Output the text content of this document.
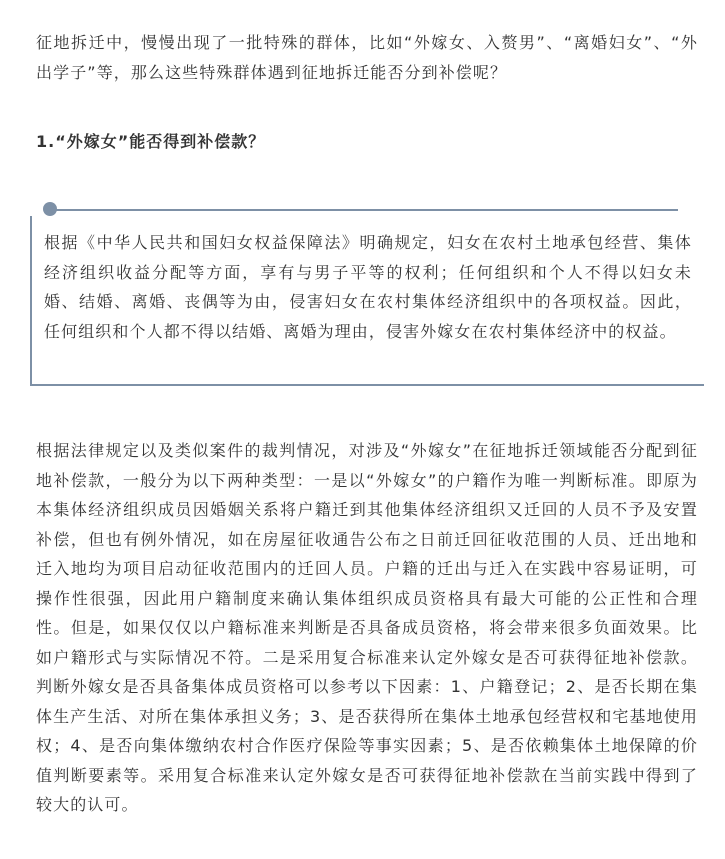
征地拆迁中，慢慢出现了一批特殊的群体，比如“外嫁女、入赘男”、“离婚妇女”、“外出学子”等，那么这些特殊群体遇到征地拆迁能否分到补偿呢？

1.“外嫁女”能否得到补偿款？

根据《中华人民共和国妇女权益保障法》明确规定，妇女在农村土地承包经营、集体经济组织收益分配等方面，享有与男子平等的权利；任何组织和个人不得以妇女未婚、结婚、离婚、丧偶等为由，侵害妇女在农村集体经济组织中的各项权益。因此，任何组织和个人都不得以结婚、离婚为理由，侵害外嫁女在农村集体经济中的权益。

根据法律规定以及类似案件的裁判情况，对涉及“外嫁女”在征地拆迁领域能否分配到征地补偿款，一般分为以下两种类型：一是以“外嫁女”的户籍作为唯一判断标准。即原为本集体经济组织成员因婚姻关系将户籍迁到其他集体经济组织又迁回的人员不予及安置补偿，但也有例外情况，如在房屋征收通告公布之日前迁回征收范围的人员、迁出地和迁入地均为项目启动征收范围内的迁回人员。户籍的迁出与迁入在实践中容易证明，可操作性很强，因此用户籍制度来确认集体组织成员资格具有最大可能的公正性和合理性。但是，如果仅仅以户籍标准来判断是否具备成员资格，将会带来很多负面效果。比如户籍形式与实际情况不符。二是采用复合标准来认定外嫁女是否可获得征地补偿款。判断外嫁女是否具备集体成员资格可以参考以下因素：1、户籍登记；2、是否长期在集体生产生活、对所在集体承担义务；3、是否获得所在集体土地承包经营权和宅基地使用权；4、是否向集体缴纳农村合作医疗保险等事实因素；5、是否依赖集体土地保障的价值判断要素等。采用复合标准来认定外嫁女是否可获得征地补偿款在当前实践中得到了较大的认可。
